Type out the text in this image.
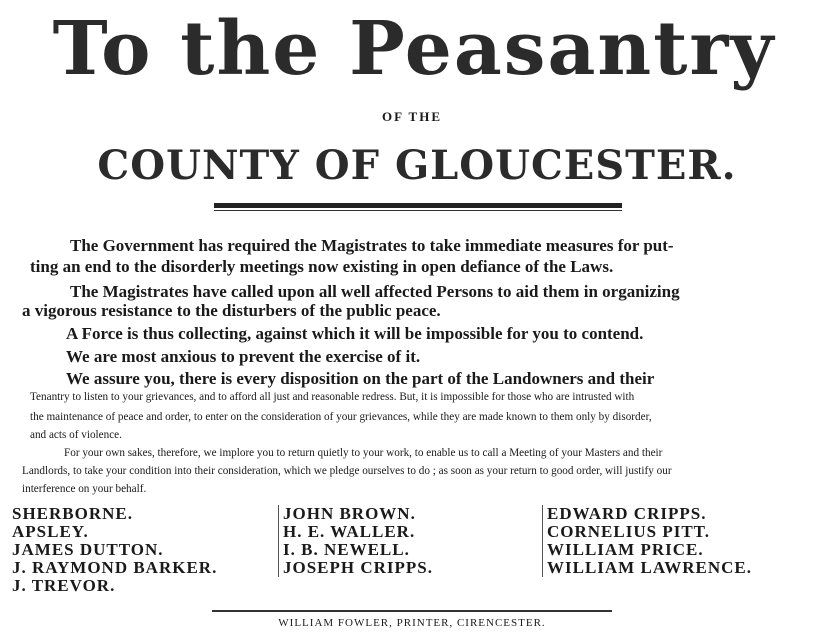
To the Peasantry
OF THE
COUNTY OF GLOUCESTER.
The Government has required the Magistrates to take immediate measures for put-
ting an end to the disorderly meetings now existing in open defiance of the Laws.
The Magistrates have called upon all well affected Persons to aid them in organizing
a vigorous resistance to the disturbers of the public peace.
A Force is thus collecting, against which it will be impossible for you to contend.
We are most anxious to prevent the exercise of it.
We assure you, there is every disposition on the part of the Landowners and their
Tenantry to listen to your grievances, and to afford all just and reasonable redress. But, it is impossible for those who are intrusted with
the maintenance of peace and order, to enter on the consideration of your grievances, while they are made known to them only by disorder,
and acts of violence.
For your own sakes, therefore, we implore you to return quietly to your work, to enable us to call a Meeting of your Masters and their
Landlords, to take your condition into their consideration, which we pledge ourselves to do ; as soon as your return to good order, will justify our
interference on your behalf.
SHERBORNE.
APSLEY.
JAMES DUTTON.
J. RAYMOND BARKER.
J. TREVOR.
JOHN BROWN.
H. E. WALLER.
I. B. NEWELL.
JOSEPH CRIPPS.
EDWARD CRIPPS.
CORNELIUS PITT.
WILLIAM PRICE.
WILLIAM LAWRENCE.
WILLIAM FOWLER, PRINTER, CIRENCESTER.
